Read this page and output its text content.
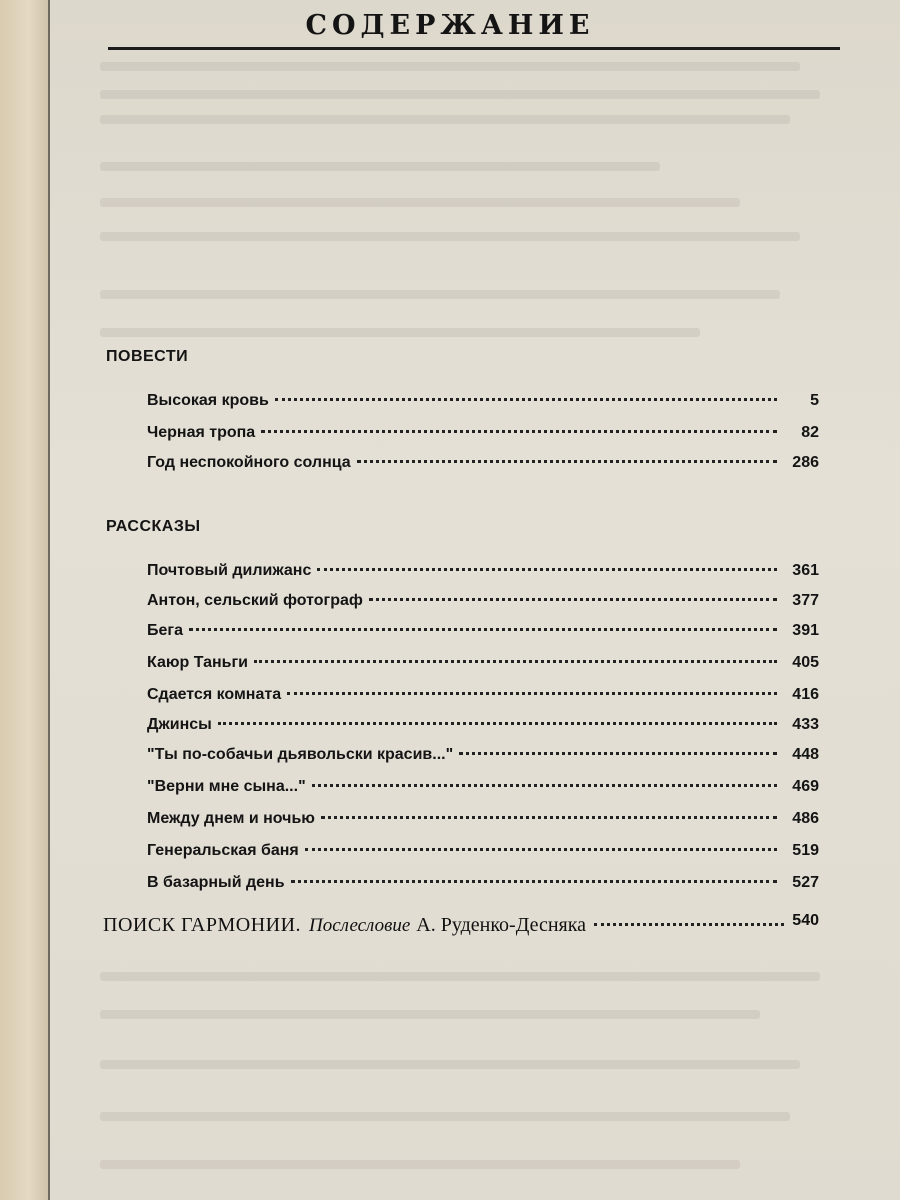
СОДЕРЖАНИЕ
ПОВЕСТИ
Высокая кровь	5
Черная тропа	82
Год неспокойного солнца	286
РАССКАЗЫ
Почтовый дилижанс	361
Антон, сельский фотограф	377
Бега	391
Каюр Таньги	405
Сдается комната	416
Джинсы	433
"Ты по-собачьи дьявольски красив..."	448
"Верни мне сына..."	469
Между днем и ночью	486
Генеральская баня	519
В базарный день	527
ПОИСК ГАРМОНИИ. Послесловие А. Руденко-Десняка	540
